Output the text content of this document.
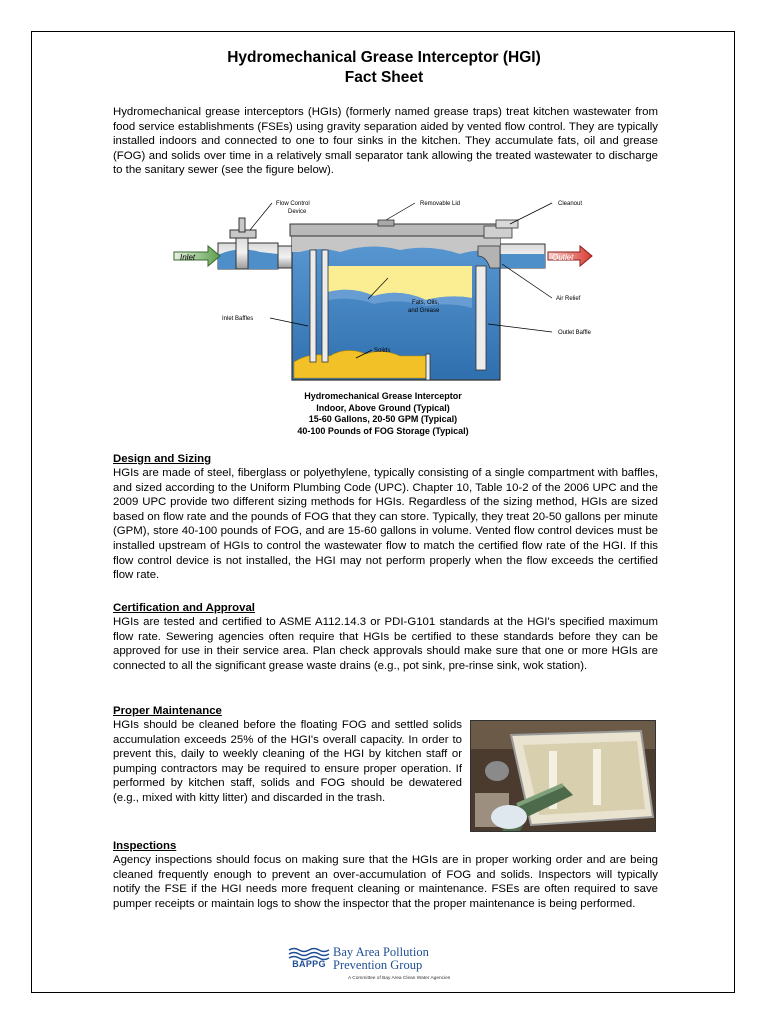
Hydromechanical Grease Interceptor (HGI)
Fact Sheet

Hydromechanical grease interceptors (HGIs) (formerly named grease traps) treat kitchen wastewater from food service establishments (FSEs) using gravity separation aided by vented flow control. They are typically installed indoors and connected to one to four sinks in the kitchen. They accumulate fats, oil and grease (FOG) and solids over time in a relatively small separator tank allowing the treated wastewater to discharge to the sanitary sewer (see the figure below).

Inlet	Outlet
Flow Control
Device
Removable Lid	Cleanout
Air Relief
Fats, Oils,
and Grease
Inlet Baffles
Outlet Baffle
Solids
Hydromechanical Grease Interceptor
Indoor, Above Ground (Typical)
15-60 Gallons, 20-50 GPM (Typical)
40-100 Pounds of FOG Storage (Typical)
Design and Sizing

HGIs are made of steel, fiberglass or polyethylene, typically consisting of a single compartment with baffles, and sized according to the Uniform Plumbing Code (UPC). Chapter 10, Table 10-2 of the 2006 UPC and the 2009 UPC provide two different sizing methods for HGIs. Regardless of the sizing method, HGIs are sized based on flow rate and the pounds of FOG that they can store. Typically, they treat 20-50 gallons per minute (GPM), store 40-100 pounds of FOG, and are 15-60 gallons in volume. Vented flow control devices must be installed upstream of HGIs to control the wastewater flow to match the certified flow rate of the HGI. If this flow control device is not installed, the HGI may not perform properly when the flow exceeds the certified flow rate.

Certification and Approval

HGIs are tested and certified to ASME A112.14.3 or PDI-G101 standards at the HGI's specified maximum flow rate. Sewering agencies often require that HGIs be certified to these standards before they can be approved for use in their service area. Plan check approvals should make sure that one or more HGIs are connected to all the significant grease waste drains (e.g., pot sink, pre-rinse sink, wok station).

Proper Maintenance

HGIs should be cleaned before the floating FOG and settled solids accumulation exceeds 25% of the HGI's overall capacity. In order to prevent this, daily to weekly cleaning of the HGI by kitchen staff or pumping contractors may be required to ensure proper operation. If performed by kitchen staff, solids and FOG should be dewatered (e.g., mixed with kitty litter) and discarded in the trash.

Inspections

Agency inspections should focus on making sure that the HGIs are in proper working order and are being cleaned frequently enough to prevent an over-accumulation of FOG and solids. Inspectors will typically notify the FSE if the HGI needs more frequent cleaning or maintenance. FSEs are often required to save pumper receipts or maintain logs to show the inspector that the proper maintenance is being performed.

BAPPG
Bay Area Pollution
Prevention Group
A Committee of Bay Area Clean Water Agencies
